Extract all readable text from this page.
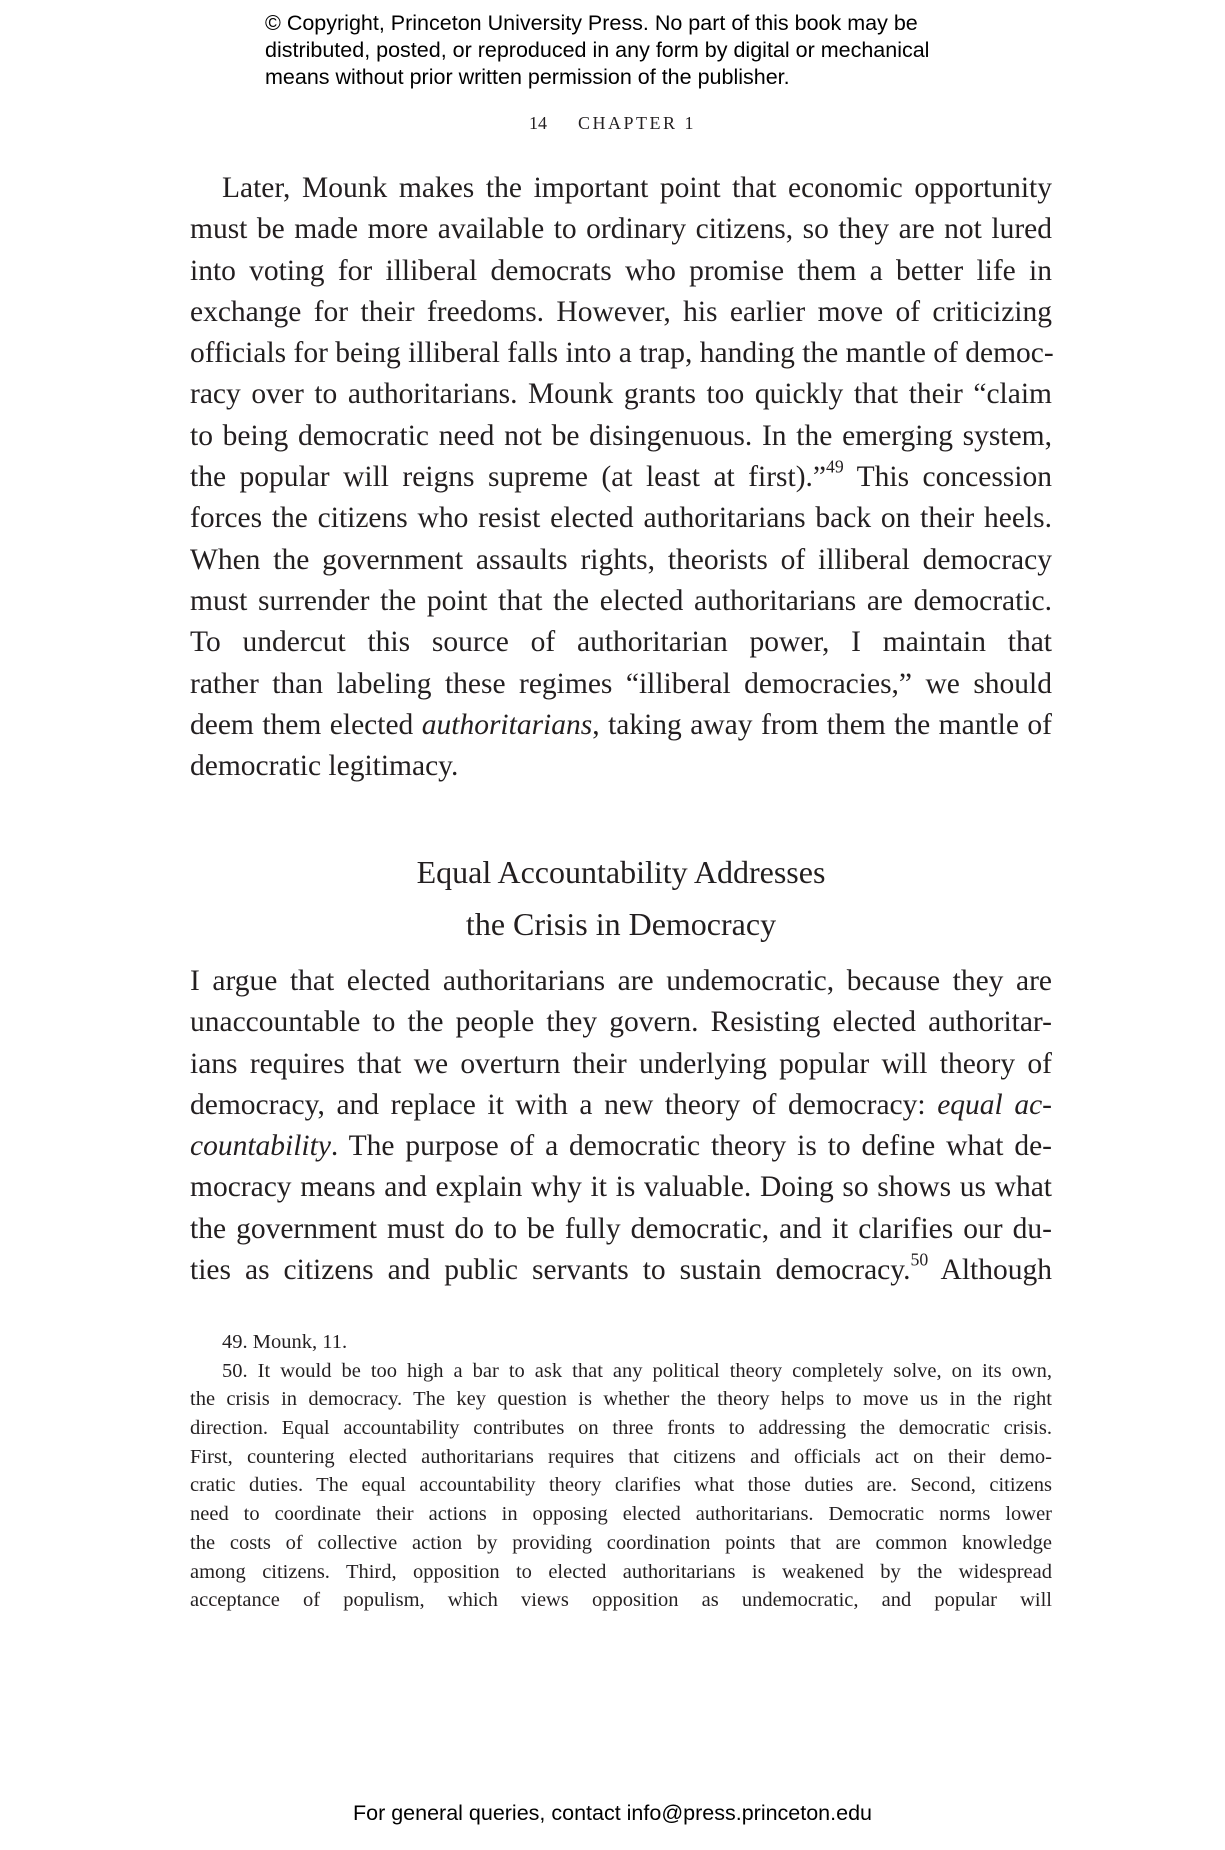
© Copyright, Princeton University Press. No part of this book may be
distributed, posted, or reproduced in any form by digital or mechanical
means without prior written permission of the publisher.
14 CHAPTER 1
Later, Mounk makes the important point that economic opportunity
must be made more available to ordinary citizens, so they are not lured
into voting for illiberal democrats who promise them a better life in
exchange for their freedoms. However, his earlier move of criticizing
officials for being illiberal falls into a trap, handing the mantle of democ-
racy over to authoritarians. Mounk grants too quickly that their “claim
to being democratic need not be disingenuous. In the emerging system,
the popular will reigns supreme (at least at first).”$^{49}$ This concession
forces the citizens who resist elected authoritarians back on their heels.
When the government assaults rights, theorists of illiberal democracy
must surrender the point that the elected authoritarians are democratic.
To undercut this source of authoritarian power, I maintain that
rather than labeling these regimes “illiberal democracies,” we should
deem them elected authoritarians, taking away from them the mantle of
democratic legitimacy.
Equal Accountability Addresses
the Crisis in Democracy
I argue that elected authoritarians are undemocratic, because they are
unaccountable to the people they govern. Resisting elected authoritar-
ians requires that we overturn their underlying popular will theory of
democracy, and replace it with a new theory of democracy: equal ac-
countability. The purpose of a democratic theory is to define what de-
mocracy means and explain why it is valuable. Doing so shows us what
the government must do to be fully democratic, and it clarifies our du-
ties as citizens and public servants to sustain democracy.$^{50}$ Although
49. Mounk, 11.
50. It would be too high a bar to ask that any political theory completely solve, on its own,
the crisis in democracy. The key question is whether the theory helps to move us in the right
direction. Equal accountability contributes on three fronts to addressing the democratic crisis.
First, countering elected authoritarians requires that citizens and officials act on their demo-
cratic duties. The equal accountability theory clarifies what those duties are. Second, citizens
need to coordinate their actions in opposing elected authoritarians. Democratic norms lower
the costs of collective action by providing coordination points that are common knowledge
among citizens. Third, opposition to elected authoritarians is weakened by the widespread
acceptance of populism, which views opposition as undemocratic, and popular will
For general queries, contact info@press.princeton.edu
